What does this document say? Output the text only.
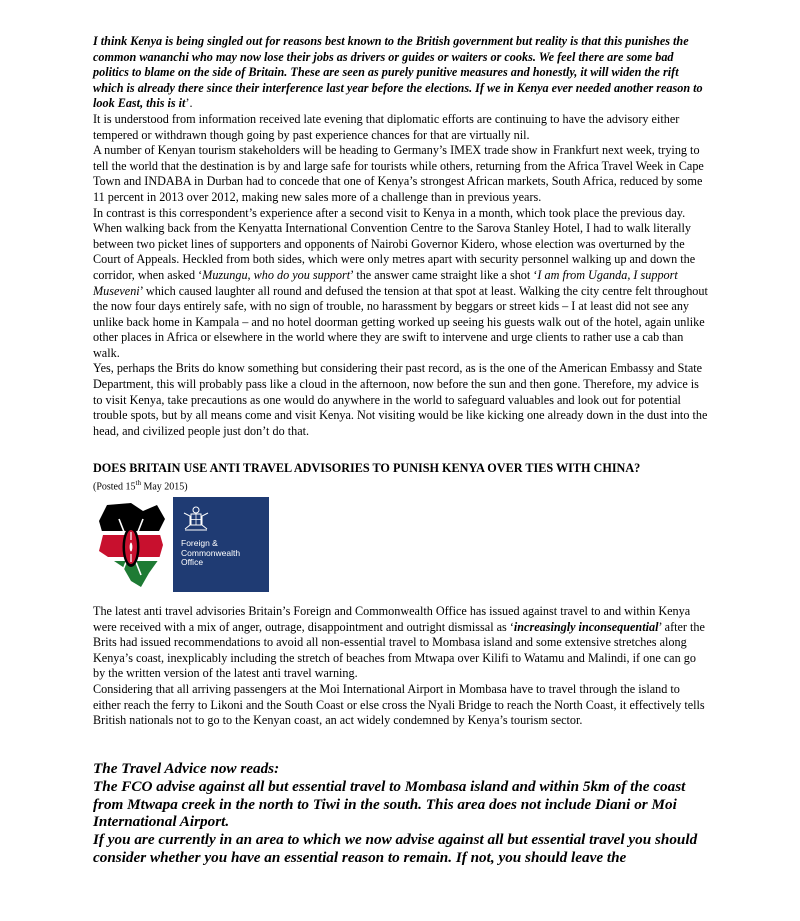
I think Kenya is being singled out for reasons best known to the British government but reality is that this punishes the common wananchi who may now lose their jobs as drivers or guides or waiters or cooks. We feel there are some bad politics to blame on the side of Britain. These are seen as purely punitive measures and honestly, it will widen the rift which is already there since their interference last year before the elections. If we in Kenya ever needed another reason to look East, this is it’.

It is understood from information received late evening that diplomatic efforts are continuing to have the advisory either tempered or withdrawn though going by past experience chances for that are virtually nil.

A number of Kenyan tourism stakeholders will be heading to Germany’s IMEX trade show in Frankfurt next week, trying to tell the world that the destination is by and large safe for tourists while others, returning from the Africa Travel Week in Cape Town and INDABA in Durban had to concede that one of Kenya’s strongest African markets, South Africa, reduced by some 11 percent in 2013 over 2012, making new sales more of a challenge than in previous years.

In contrast is this correspondent’s experience after a second visit to Kenya in a month, which took place the previous day. When walking back from the Kenyatta International Convention Centre to the Sarova Stanley Hotel, I had to walk literally between two picket lines of supporters and opponents of Nairobi Governor Kidero, whose election was overturned by the Court of Appeals. Heckled from both sides, which were only metres apart with security personnel walking up and down the corridor, when asked ‘Muzungu, who do you support’ the answer came straight like a shot ‘I am from Uganda, I support Museveni’ which caused laughter all round and defused the tension at that spot at least. Walking the city centre felt throughout the now four days entirely safe, with no sign of trouble, no harassment by beggars or street kids – I at least did not see any unlike back home in Kampala – and no hotel doorman getting worked up seeing his guests walk out of the hotel, again unlike other places in Africa or elsewhere in the world where they are swift to intervene and urge clients to rather use a cab than walk.

Yes, perhaps the Brits do know something but considering their past record, as is the one of the American Embassy and State Department, this will probably pass like a cloud in the afternoon, now before the sun and then gone. Therefore, my advice is to visit Kenya, take precautions as one would do anywhere in the world to safeguard valuables and look out for potential trouble spots, but by all means come and visit Kenya. Not visiting would be like kicking one already down in the dust into the head, and civilized people just don’t do that.

DOES BRITAIN USE ANTI TRAVEL ADVISORIES TO PUNISH KENYA OVER TIES WITH CHINA?
(Posted 15th May 2015)
Foreign &
Commonwealth
Office

The latest anti travel advisories Britain’s Foreign and Commonwealth Office has issued against travel to and within Kenya were received with a mix of anger, outrage, disappointment and outright dismissal as ‘increasingly inconsequential’ after the Brits had issued recommendations to avoid all non-essential travel to Mombasa island and some extensive stretches along Kenya’s coast, inexplicably including the stretch of beaches from Mtwapa over Kilifi to Watamu and Malindi, if one can go by the written version of the latest anti travel warning.

Considering that all arriving passengers at the Moi International Airport in Mombasa have to travel through the island to either reach the ferry to Likoni and the South Coast or else cross the Nyali Bridge to reach the North Coast, it effectively tells British nationals not to go to the Kenyan coast, an act widely condemned by Kenya’s tourism sector.

The Travel Advice now reads:

The FCO advise against all but essential travel to Mombasa island and within 5km of the coast from Mtwapa creek in the north to Tiwi in the south. This area does not include Diani or Moi International Airport.

If you are currently in an area to which we now advise against all but essential travel you should consider whether you have an essential reason to remain. If not, you should leave the
